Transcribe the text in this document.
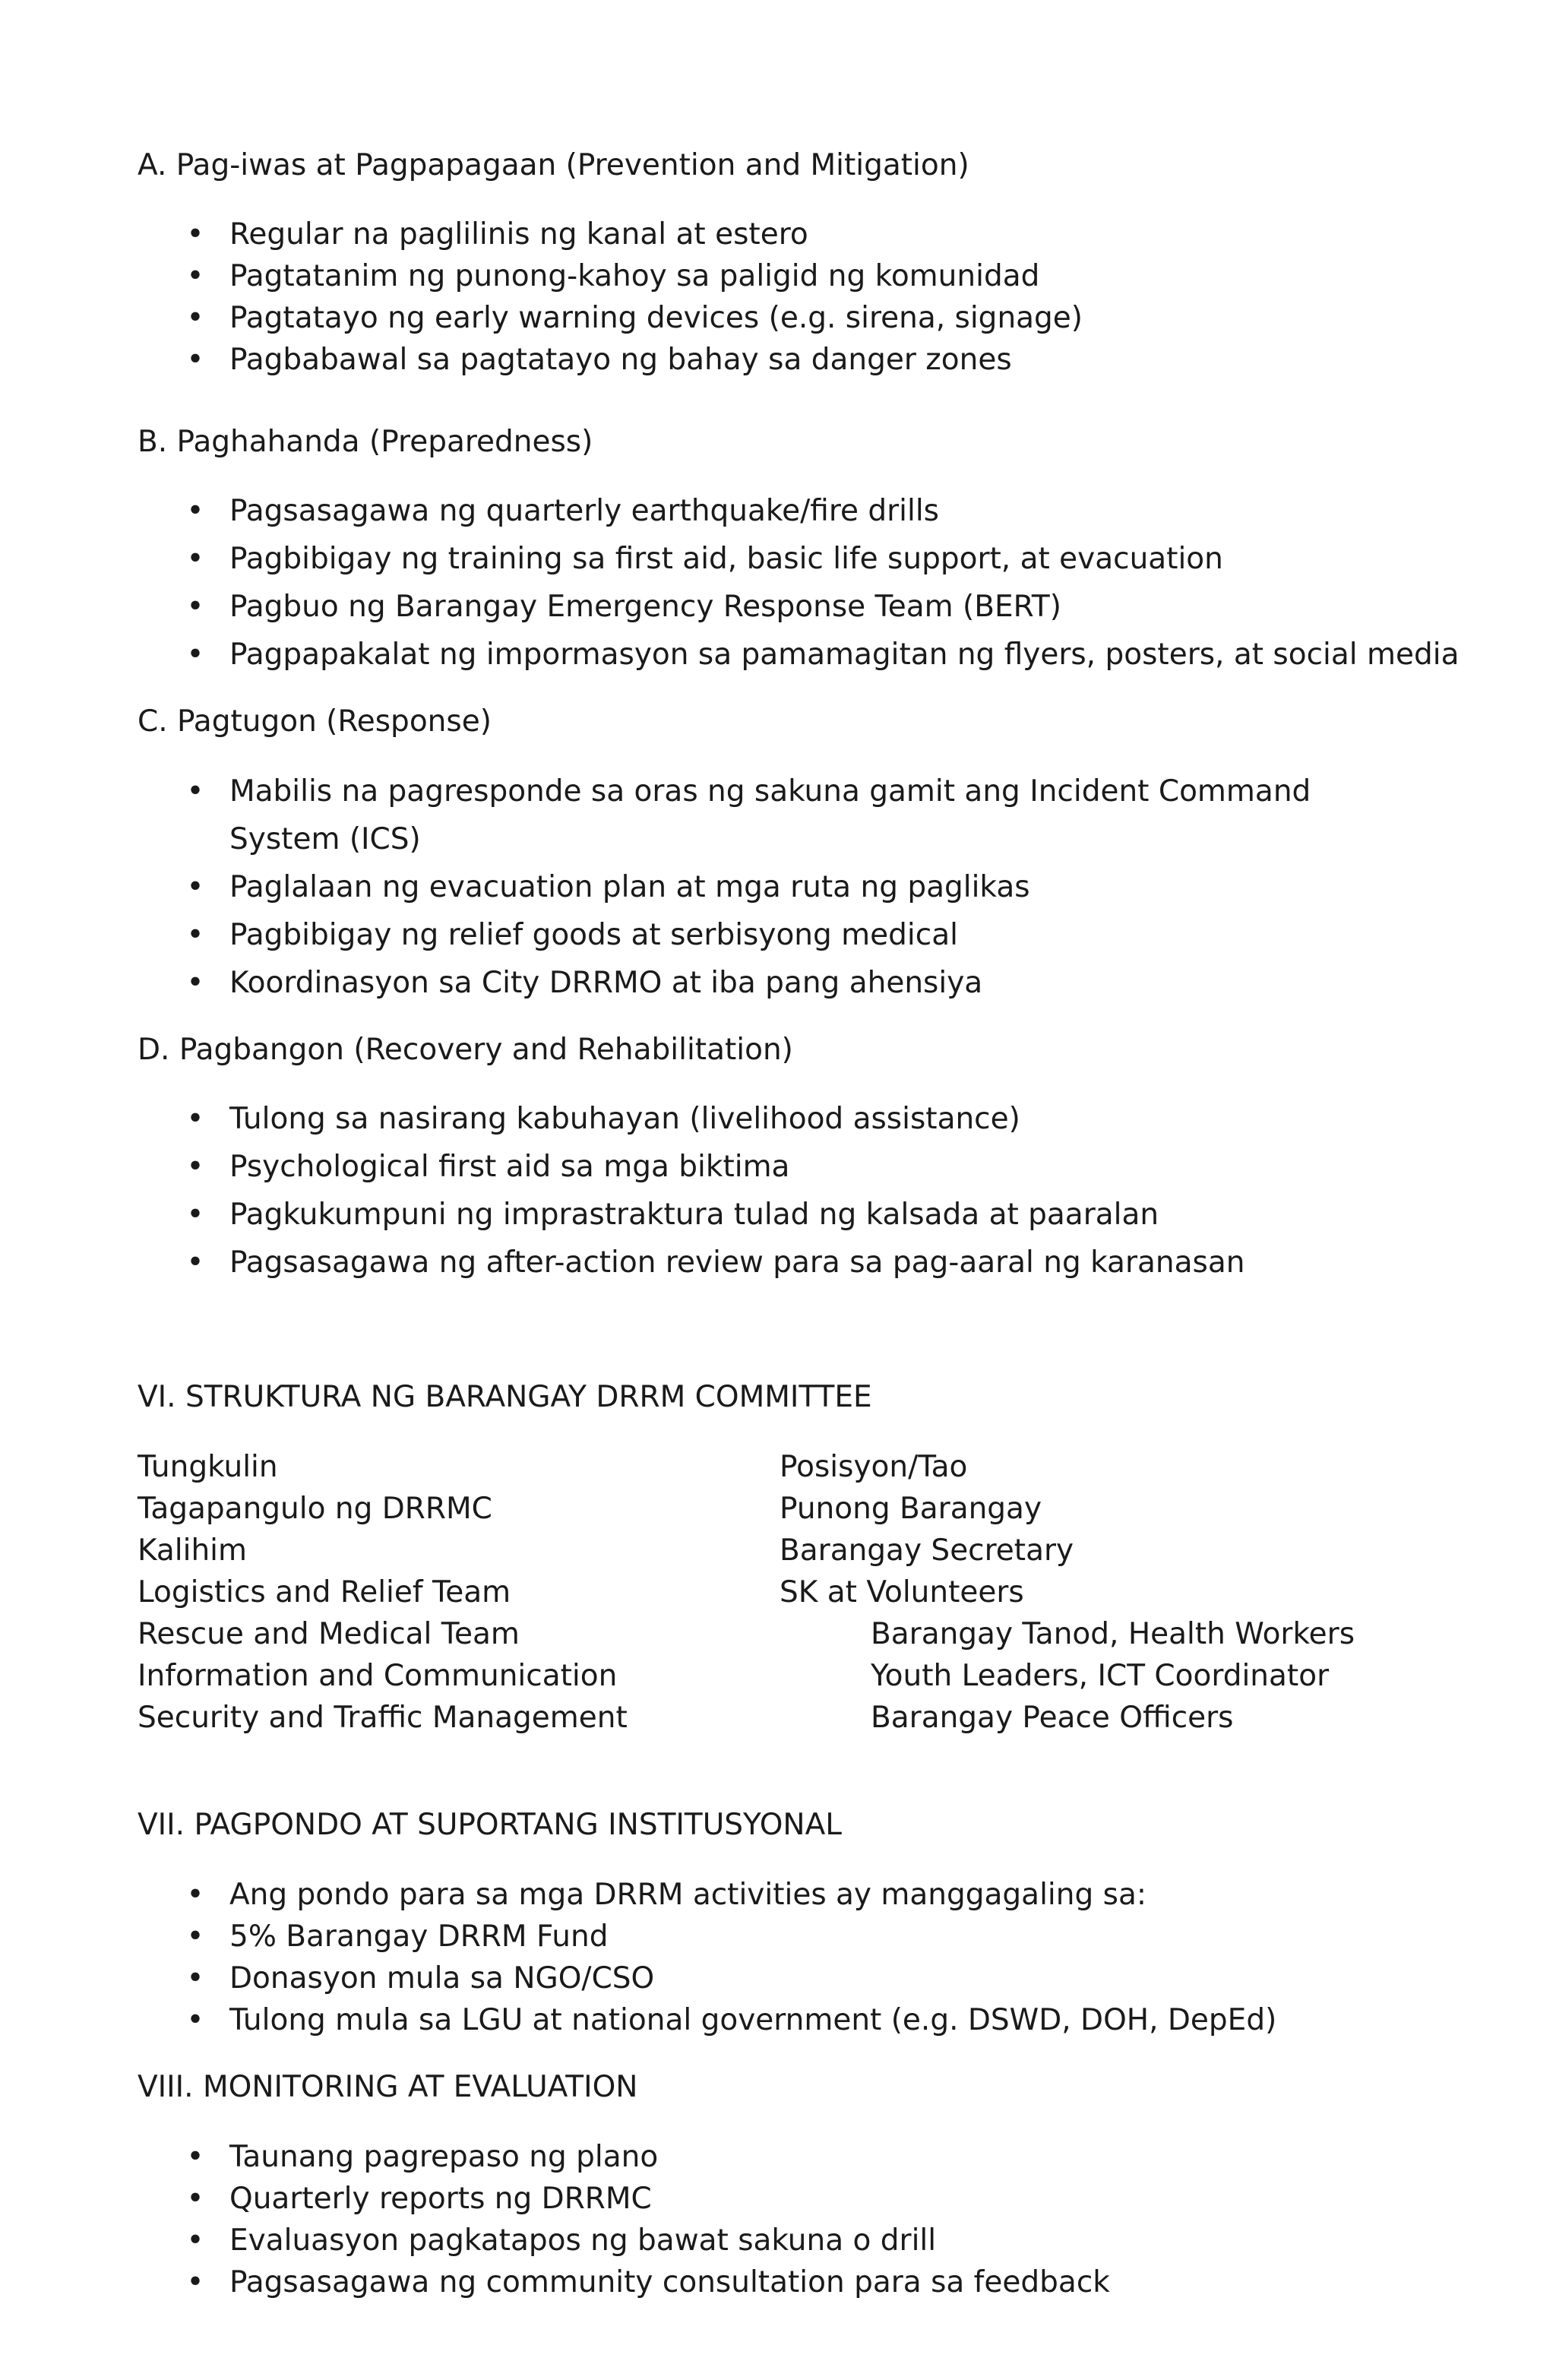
A. Pag-iwas at Pagpapagaan (Prevention and Mitigation)
• Regular na paglilinis ng kanal at estero
• Pagtatanim ng punong-kahoy sa paligid ng komunidad
• Pagtatayo ng early warning devices (e.g. sirena, signage)
• Pagbabawal sa pagtatayo ng bahay sa danger zones
B. Paghahanda (Preparedness)
• Pagsasagawa ng quarterly earthquake/fire drills
• Pagbibigay ng training sa first aid, basic life support, at evacuation
• Pagbuo ng Barangay Emergency Response Team (BERT)
• Pagpapakalat ng impormasyon sa pamamagitan ng flyers, posters, at social media
C. Pagtugon (Response)
• Mabilis na pagresponde sa oras ng sakuna gamit ang Incident Command System (ICS)
• Paglalaan ng evacuation plan at mga ruta ng paglikas
• Pagbibigay ng relief goods at serbisyong medical
• Koordinasyon sa City DRRMO at iba pang ahensiya
D. Pagbangon (Recovery and Rehabilitation)
• Tulong sa nasirang kabuhayan (livelihood assistance)
• Psychological first aid sa mga biktima
• Pagkukumpuni ng imprastraktura tulad ng kalsada at paaralan
• Pagsasagawa ng after-action review para sa pag-aaral ng karanasan
VI. STRUKTURA NG BARANGAY DRRM COMMITTEE
Tungkulin	Posisyon/Tao
Tagapangulo ng DRRMC	Punong Barangay
Kalihim	Barangay Secretary
Logistics and Relief Team	SK at Volunteers
Rescue and Medical Team	Barangay Tanod, Health Workers
Information and Communication	Youth Leaders, ICT Coordinator
Security and Traffic Management	Barangay Peace Officers
VII. PAGPONDO AT SUPORTANG INSTITUSYONAL
• Ang pondo para sa mga DRRM activities ay manggagaling sa:
• 5% Barangay DRRM Fund
• Donasyon mula sa NGO/CSO
• Tulong mula sa LGU at national government (e.g. DSWD, DOH, DepEd)
VIII. MONITORING AT EVALUATION
• Taunang pagrepaso ng plano
• Quarterly reports ng DRRMC
• Evaluasyon pagkatapos ng bawat sakuna o drill
• Pagsasagawa ng community consultation para sa feedback
